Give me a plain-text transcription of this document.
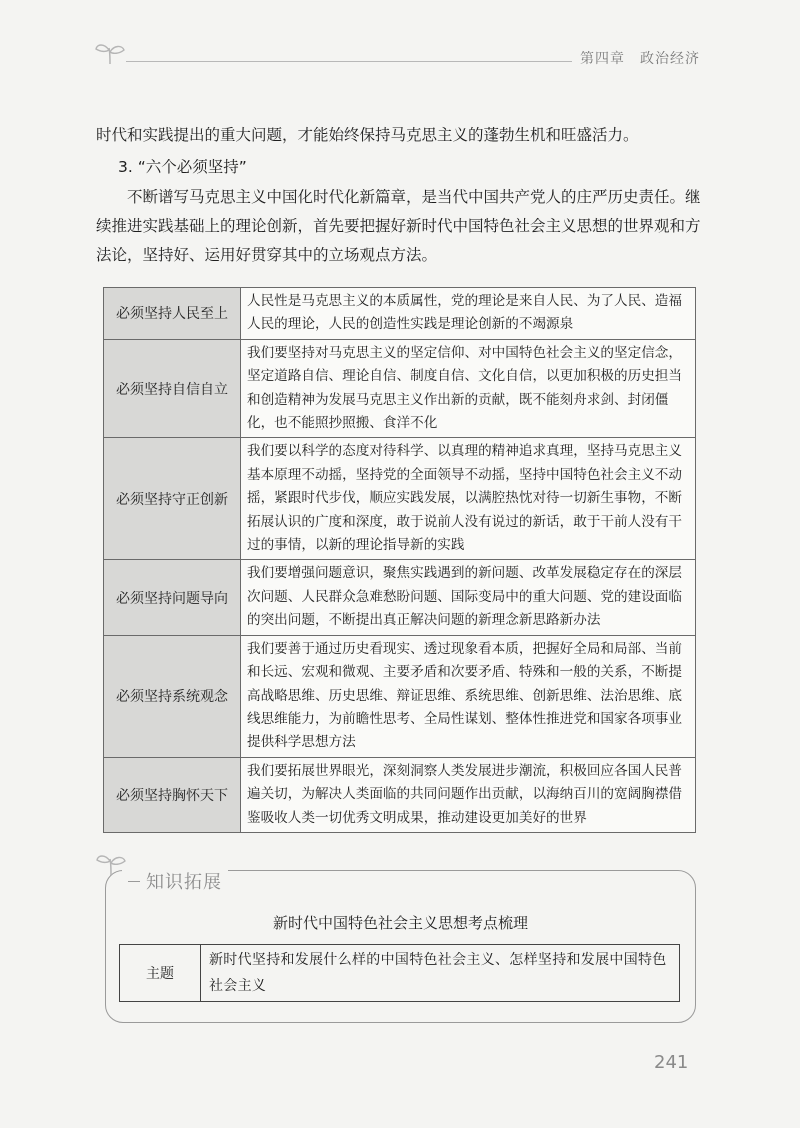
第四章　政治经济
时代和实践提出的重大问题，才能始终保持马克思主义的蓬勃生机和旺盛活力。
3. “六个必须坚持”
不断谱写马克思主义中国化时代化新篇章，是当代中国共产党人的庄严历史责任。继续推进实践基础上的理论创新，首先要把握好新时代中国特色社会主义思想的世界观和方法论，坚持好、运用好贯穿其中的立场观点方法。
必须坚持人民至上	人民性是马克思主义的本质属性，党的理论是来自人民、为了人民、造福人民的理论，人民的创造性实践是理论创新的不竭源泉
必须坚持自信自立	我们要坚持对马克思主义的坚定信仰、对中国特色社会主义的坚定信念，坚定道路自信、理论自信、制度自信、文化自信，以更加积极的历史担当和创造精神为发展马克思主义作出新的贡献，既不能刻舟求剑、封闭僵化，也不能照抄照搬、食洋不化
必须坚持守正创新	我们要以科学的态度对待科学、以真理的精神追求真理，坚持马克思主义基本原理不动摇，坚持党的全面领导不动摇，坚持中国特色社会主义不动摇，紧跟时代步伐，顺应实践发展，以满腔热忱对待一切新生事物，不断拓展认识的广度和深度，敢于说前人没有说过的新话，敢于干前人没有干过的事情，以新的理论指导新的实践
必须坚持问题导向	我们要增强问题意识，聚焦实践遇到的新问题、改革发展稳定存在的深层次问题、人民群众急难愁盼问题、国际变局中的重大问题、党的建设面临的突出问题，不断提出真正解决问题的新理念新思路新办法
必须坚持系统观念	我们要善于通过历史看现实、透过现象看本质，把握好全局和局部、当前和长远、宏观和微观、主要矛盾和次要矛盾、特殊和一般的关系，不断提高战略思维、历史思维、辩证思维、系统思维、创新思维、法治思维、底线思维能力，为前瞻性思考、全局性谋划、整体性推进党和国家各项事业提供科学思想方法
必须坚持胸怀天下	我们要拓展世界眼光，深刻洞察人类发展进步潮流，积极回应各国人民普遍关切，为解决人类面临的共同问题作出贡献，以海纳百川的宽阔胸襟借鉴吸收人类一切优秀文明成果，推动建设更加美好的世界
知识拓展
新时代中国特色社会主义思想考点梳理
主题	新时代坚持和发展什么样的中国特色社会主义、怎样坚持和发展中国特色社会主义
241
